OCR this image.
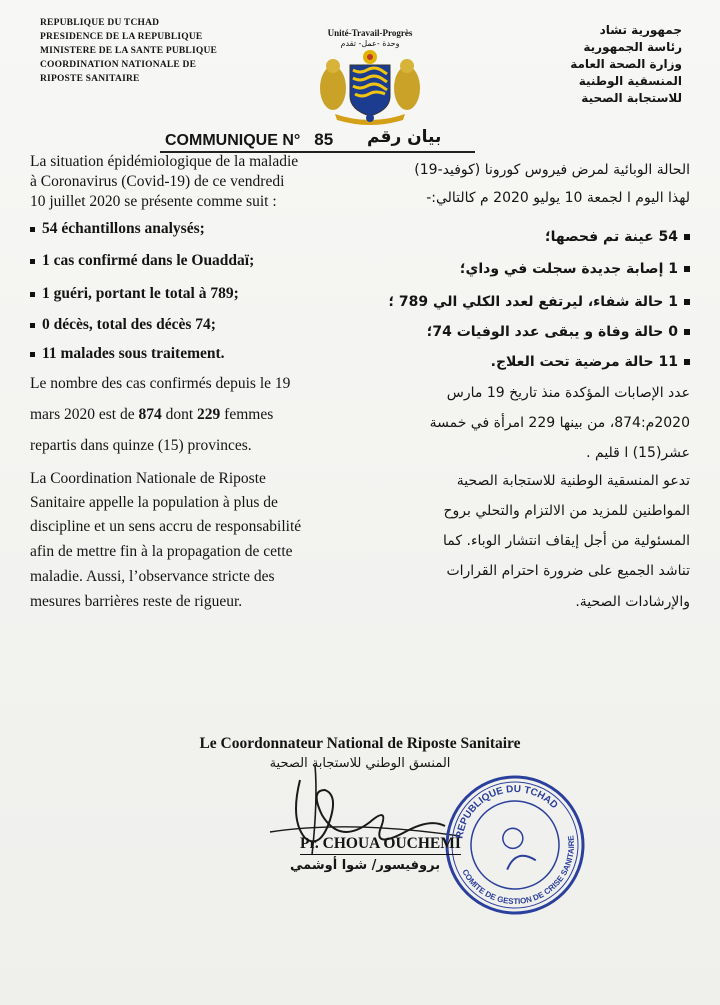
REPUBLIQUE DU TCHAD
PRESIDENCE DE LA REPUBLIQUE
MINISTERE DE LA SANTE PUBLIQUE
COORDINATION NATIONALE DE
RIPOSTE SANITAIRE
Unité-Travail-Progrès
وحدة -عمل- تقدم
جمهورية تشاد
رئاسة الجمهورية
وزارة الصحة العامة
المنسقية الوطنية
للاستجابة الصحية
COMMUNIQUE N° 85 بيان رقم
La situation épidémiologique de la maladie
à Coronavirus (Covid-19) de ce vendredi
10 juillet 2020 se présente comme suit :
54 échantillons analysés;
1 cas confirmé dans le Ouaddaï;
1 guéri, portant le total à 789;
0 décès, total des décès 74;
11 malades sous traitement.
Le nombre des cas confirmés depuis le 19
mars 2020 est de 874 dont 229 femmes
repartis dans quinze (15) provinces.
La Coordination Nationale de Riposte
Sanitaire appelle la population à plus de
discipline et un sens accru de responsabilité
afin de mettre fin à la propagation de cette
maladie. Aussi, l’observance stricte des
mesures barrières reste de rigueur.
الحالة الوبائية لمرض فيروس كورونا (كوفيد-19)
لهذا اليوم ا لجمعة 10 يوليو 2020 م كالتالي:-
54 عينة تم فحصها؛
1 إصابة جديدة سجلت في وداي؛
1 حالة شفاء، ليرتفع لعدد الكلي الي 789 ؛
0 حالة وفاة و يبقى عدد الوفيات 74؛
11 حالة مرضية تحت العلاج.
عدد الإصابات المؤكدة منذ تاريخ 19 مارس
2020م:874، من بينها 229 امرأة في خمسة
عشر(15) ا قليم .
تدعو المنسقية الوطنية للاستجابة الصحية
المواطنين للمزيد من الالتزام والتحلي بروح
المسئولية من أجل إيقاف انتشار الوباء. كما
تناشد الجميع على ضرورة احترام القرارات
والإرشادات الصحية.
Le Coordonnateur National de Riposte Sanitaire
المنسق الوطني للاستجابة الصحية
REPUBLIQUE DU TCHAD
COMITE DE GESTION DE CRISE SANITAIRE
Pr. CHOUA OUCHEMI
بروفيسور/ شوا أوشمي
